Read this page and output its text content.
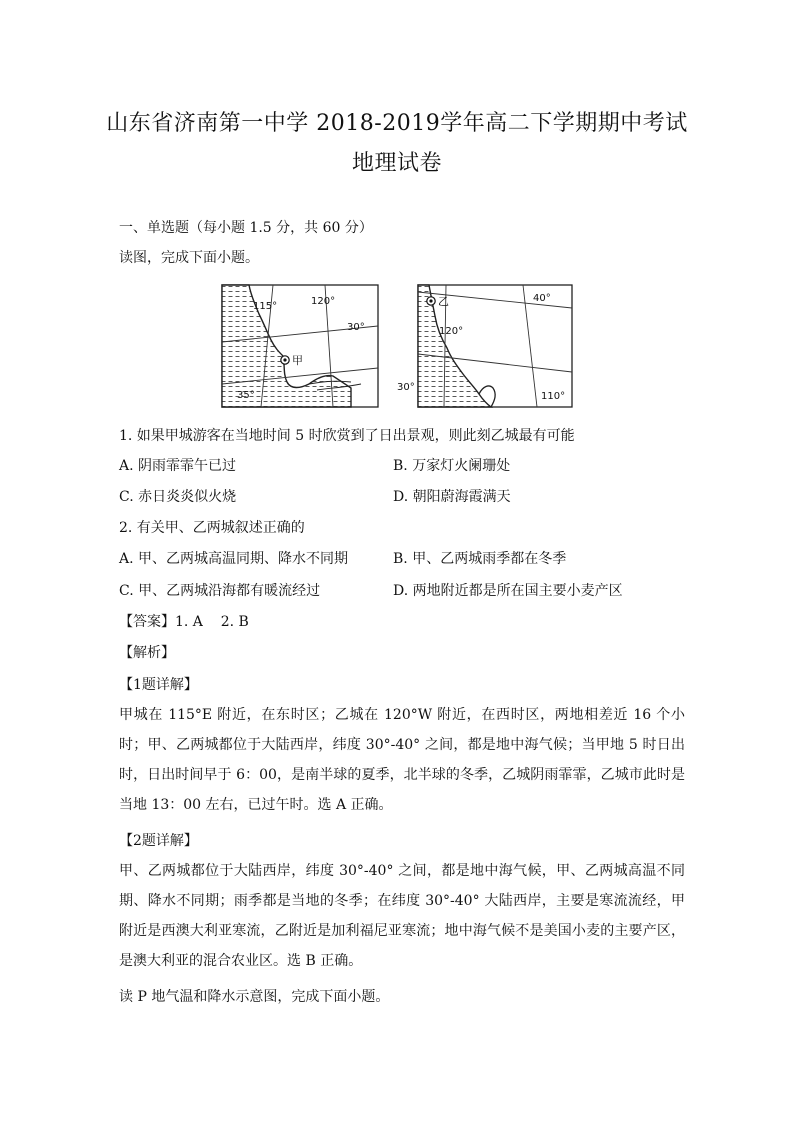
山东省济南第一中学 2018-2019学年高二下学期期中考试
地理试卷
一、单选题（每小题 1.5 分，共 60 分）
读图，完成下面小题。
115°	120°
30°
35°
甲
乙
120°
40°
30°
110°
1. 如果甲城游客在当地时间 5 时欣赏到了日出景观，则此刻乙城最有可能
A. 阴雨霏霏午已过	B. 万家灯火阑珊处
C. 赤日炎炎似火烧	D. 朝阳蔚海霞满天
2. 有关甲、乙两城叙述正确的
A. 甲、乙两城高温同期、降水不同期	B. 甲、乙两城雨季都在冬季
C. 甲、乙两城沿海都有暖流经过	D. 两地附近都是所在国主要小麦产区
【答案】1. A    2. B
【解析】
【1题详解】
甲城在 115°E 附近，在东时区；乙城在 120°W 附近，在西时区，两地相差近 16 个小时；甲、乙两城都位于大陆西岸，纬度 30°-40° 之间，都是地中海气候；当甲地 5 时日出时，日出时间早于 6：00，是南半球的夏季，北半球的冬季，乙城阴雨霏霏，乙城市此时是当地 13：00 左右，已过午时。选 A 正确。
【2题详解】
甲、乙两城都位于大陆西岸，纬度 30°-40° 之间，都是地中海气候，甲、乙两城高温不同期、降水不同期；雨季都是当地的冬季；在纬度 30°-40° 大陆西岸，主要是寒流流经，甲附近是西澳大利亚寒流，乙附近是加利福尼亚寒流；地中海气候不是美国小麦的主要产区，是澳大利亚的混合农业区。选 B 正确。
读 P 地气温和降水示意图，完成下面小题。
